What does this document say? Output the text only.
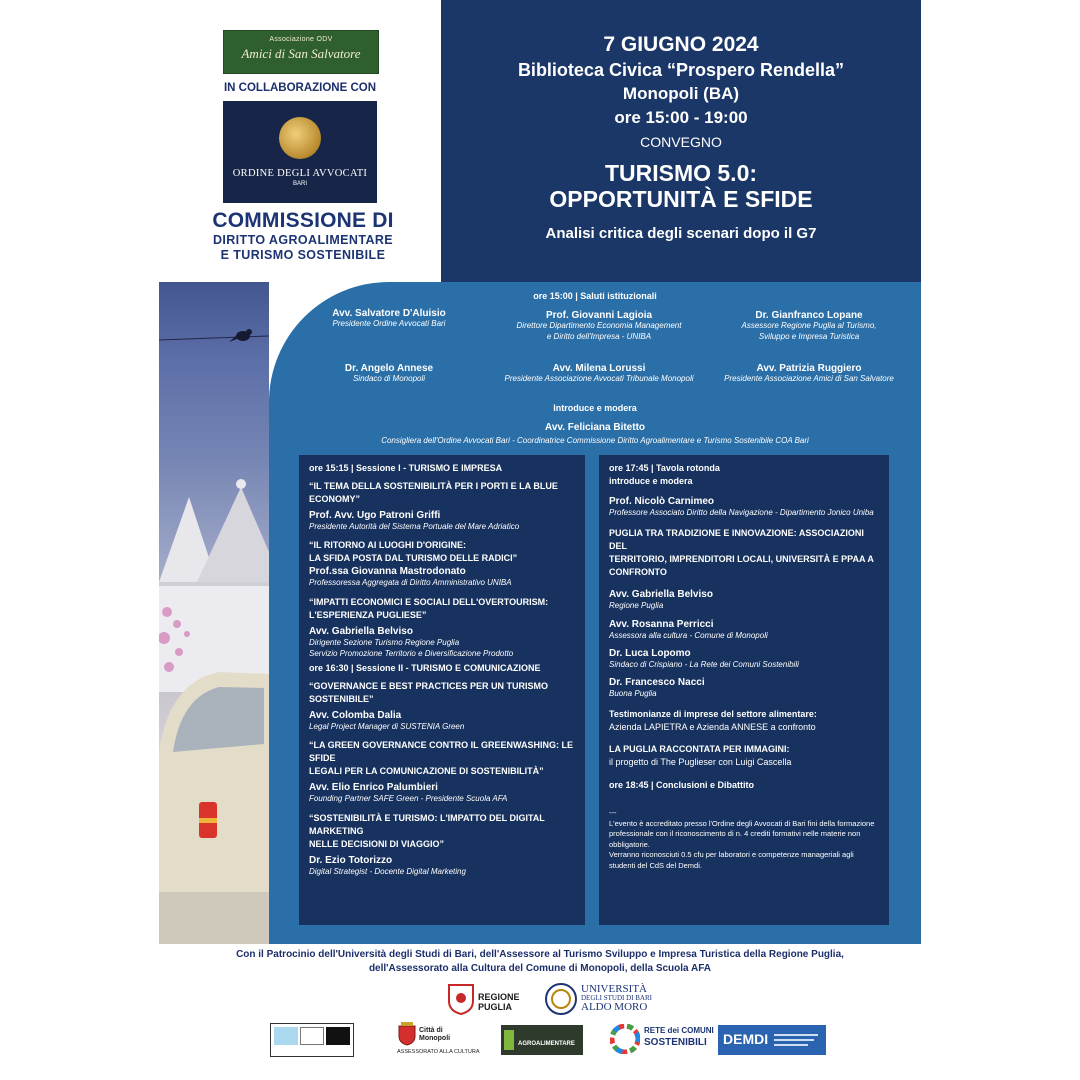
Associazione ODV
Amici di San Salvatore
IN COLLABORAZIONE CON
ORDINE DEGLI AVVOCATI
BARI
COMMISSIONE DI
DIRITTO AGROALIMENTARE
E TURISMO SOSTENIBILE
7 GIUGNO 2024
Biblioteca Civica “Prospero Rendella”
Monopoli (BA)
ore 15:00 - 19:00
CONVEGNO
TURISMO 5.0:
OPPORTUNITÀ E SFIDE
Analisi critica degli scenari dopo il G7
ore 15:00 | Saluti istituzionali
Avv. Salvatore D'Aluisio
Presidente Ordine Avvocati Bari
Prof. Giovanni Lagioia
Direttore Dipartimento Economia Management
e Diritto dell'Impresa - UNIBA
Dr. Gianfranco Lopane
Assessore Regione Puglia al Turismo,
Sviluppo e Impresa Turistica
Dr. Angelo Annese
Sindaco di Monopoli
Avv. Milena Lorussi
Presidente Associazione Avvocati Tribunale Monopoli
Avv. Patrizia Ruggiero
Presidente Associazione Amici di San Salvatore
Introduce e modera
Avv. Feliciana Bitetto
Consigliera dell'Ordine Avvocati Bari - Coordinatrice Commissione Diritto Agroalimentare e Turismo Sostenibile COA Bari
ore 15:15 | Sessione I - TURISMO E IMPRESA
“IL TEMA DELLA SOSTENIBILITÀ PER I PORTI E LA BLUE ECONOMY”
Prof. Avv. Ugo Patroni Griffi
Presidente Autorità del Sistema Portuale del Mare Adriatico
“IL RITORNO AI LUOGHI D'ORIGINE:
LA SFIDA POSTA DAL TURISMO DELLE RADICI”
Prof.ssa Giovanna Mastrodonato
Professoressa Aggregata di Diritto Amministrativo UNIBA
“IMPATTI ECONOMICI E SOCIALI DELL'OVERTOURISM:
L'ESPERIENZA PUGLIESE”
Avv. Gabriella Belviso
Dirigente Sezione Turismo Regione Puglia
Servizio Promozione Territorio e Diversificazione Prodotto
ore 16:30 | Sessione II - TURISMO E COMUNICAZIONE
“GOVERNANCE E BEST PRACTICES PER UN TURISMO SOSTENIBILE”
Avv. Colomba Dalia
Legal Project Manager di SUSTENIA Green
“LA GREEN GOVERNANCE CONTRO IL GREENWASHING: LE SFIDE
LEGALI PER LA COMUNICAZIONE DI SOSTENIBILITÀ”
Avv. Elio Enrico Palumbieri
Founding Partner SAFE Green - Presidente Scuola AFA
“SOSTENIBILITÀ E TURISMO: L'IMPATTO DEL DIGITAL MARKETING
NELLE DECISIONI DI VIAGGIO”
Dr. Ezio Totorizzo
Digital Strategist - Docente Digital Marketing
ore 17:45 | Tavola rotonda
introduce e modera
Prof. Nicolò Carnimeo
Professore Associato Diritto della Navigazione - Dipartimento Jonico Uniba
PUGLIA TRA TRADIZIONE E INNOVAZIONE: ASSOCIAZIONI DEL
TERRITORIO, IMPRENDITORI LOCALI, UNIVERSITÀ E PPAA A
CONFRONTO
Avv. Gabriella Belviso
Regione Puglia
Avv. Rosanna Perricci
Assessora alla cultura - Comune di Monopoli
Dr. Luca Lopomo
Sindaco di Crispiano - La Rete dei Comuni Sostenibili
Dr. Francesco Nacci
Buona Puglia
Testimonianze di imprese del settore alimentare:
Azienda LAPIETRA e Azienda ANNESE a confronto
LA PUGLIA RACCONTATA PER IMMAGINI:
il progetto di The Puglieser con Luigi Cascella
ore 18:45 | Conclusioni e Dibattito
---
L'evento è accreditato presso l'Ordine degli Avvocati di Bari fini della formazione
professionale con il riconoscimento di n. 4 crediti formativi nelle materie non
obbligatorie.
Verranno riconosciuti 0.5 cfu per laboratori e competenze manageriali agli
studenti del CdS del Demdi.
Con il Patrocinio dell'Università degli Studi di Bari, dell'Assessore al Turismo Sviluppo e Impresa Turistica della Regione Puglia,
dell'Assessorato alla Cultura del Comune di Monopoli, della Scuola AFA
REGIONE PUGLIA
UNIVERSITÀ
DEGLI STUDI DI BARI
ALDO MORO
Città di Monopoli
ASSESSORATO ALLA CULTURA
AGROALIMENTARE
RETE dei COMUNI
SOSTENIBILI DEMDI
